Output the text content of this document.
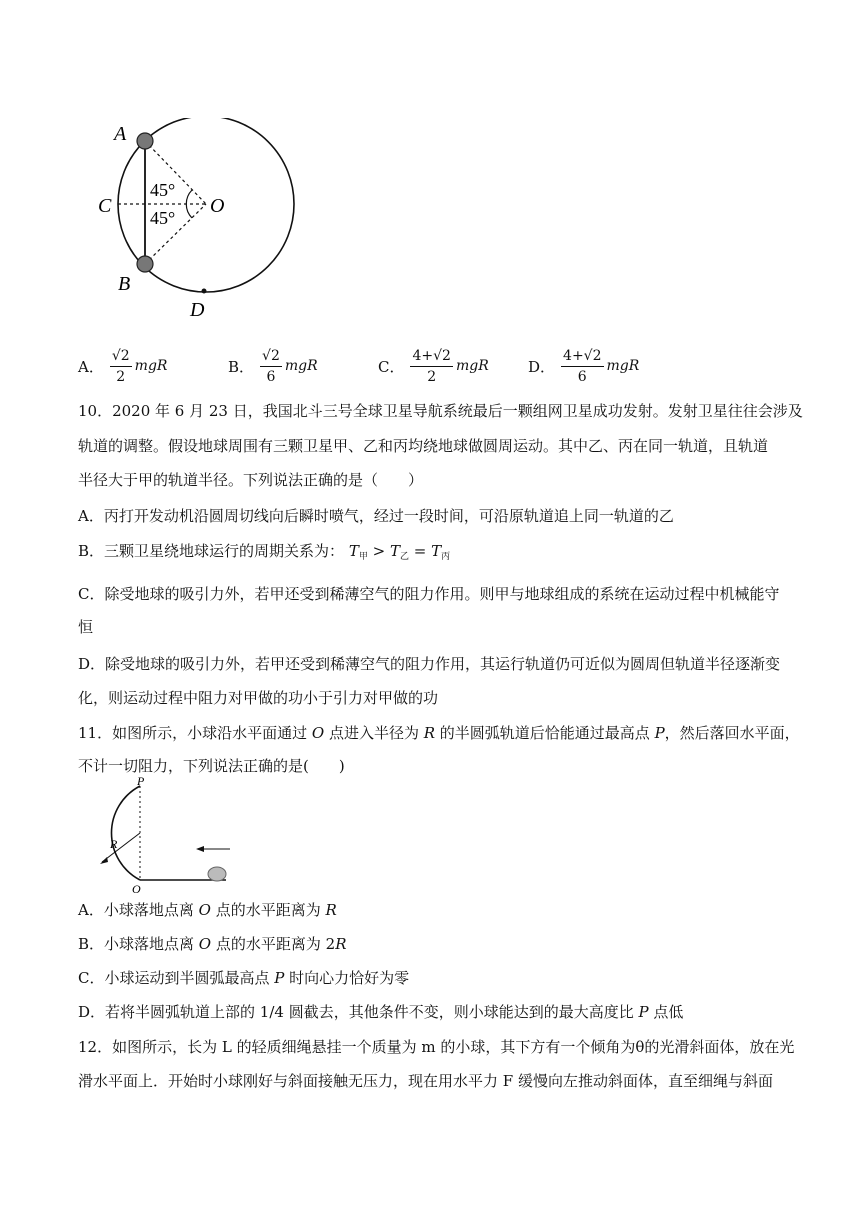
A
B
C
D
O
45°
45°
A． $\frac{√2}{2}$ mgR	B． $\frac{√2}{6}$ mgR	C． $\frac{4+√2}{2}$ mgR	D． $\frac{4+√2}{6}$ mgR
10．2020 年 6 月 23 日，我国北斗三号全球卫星导航系统最后一颗组网卫星成功发射。发射卫星往往会涉及
轨道的调整。假设地球周围有三颗卫星甲、乙和丙均绕地球做圆周运动。其中乙、丙在同一轨道，且轨道
半径大于甲的轨道半径。下列说法正确的是（　　）
A．丙打开发动机沿圆周切线向后瞬时喷气，经过一段时间，可沿原轨道追上同一轨道的乙
B．三颗卫星绕地球运行的周期关系为： $T_甲 > T_乙 = T_丙$
C．除受地球的吸引力外，若甲还受到稀薄空气的阻力作用。则甲与地球组成的系统在运动过程中机械能守
恒
D．除受地球的吸引力外，若甲还受到稀薄空气的阻力作用，其运行轨道仍可近似为圆周但轨道半径逐渐变
化，则运动过程中阻力对甲做的功小于引力对甲做的功
11．如图所示，小球沿水平面通过 O 点进入半径为 R 的半圆弧轨道后恰能通过最高点 P，然后落回水平面，
不计一切阻力，下列说法正确的是(　　)
P
R
O
A．小球落地点离 O 点的水平距离为 R
B．小球落地点离 O 点的水平距离为 2R
C．小球运动到半圆弧最高点 P 时向心力恰好为零
D．若将半圆弧轨道上部的 1/4 圆截去，其他条件不变，则小球能达到的最大高度比 P 点低
12．如图所示，长为 L 的轻质细绳悬挂一个质量为 m 的小球，其下方有一个倾角为θ的光滑斜面体，放在光
滑水平面上．开始时小球刚好与斜面接触无压力，现在用水平力 F 缓慢向左推动斜面体，直至细绳与斜面
